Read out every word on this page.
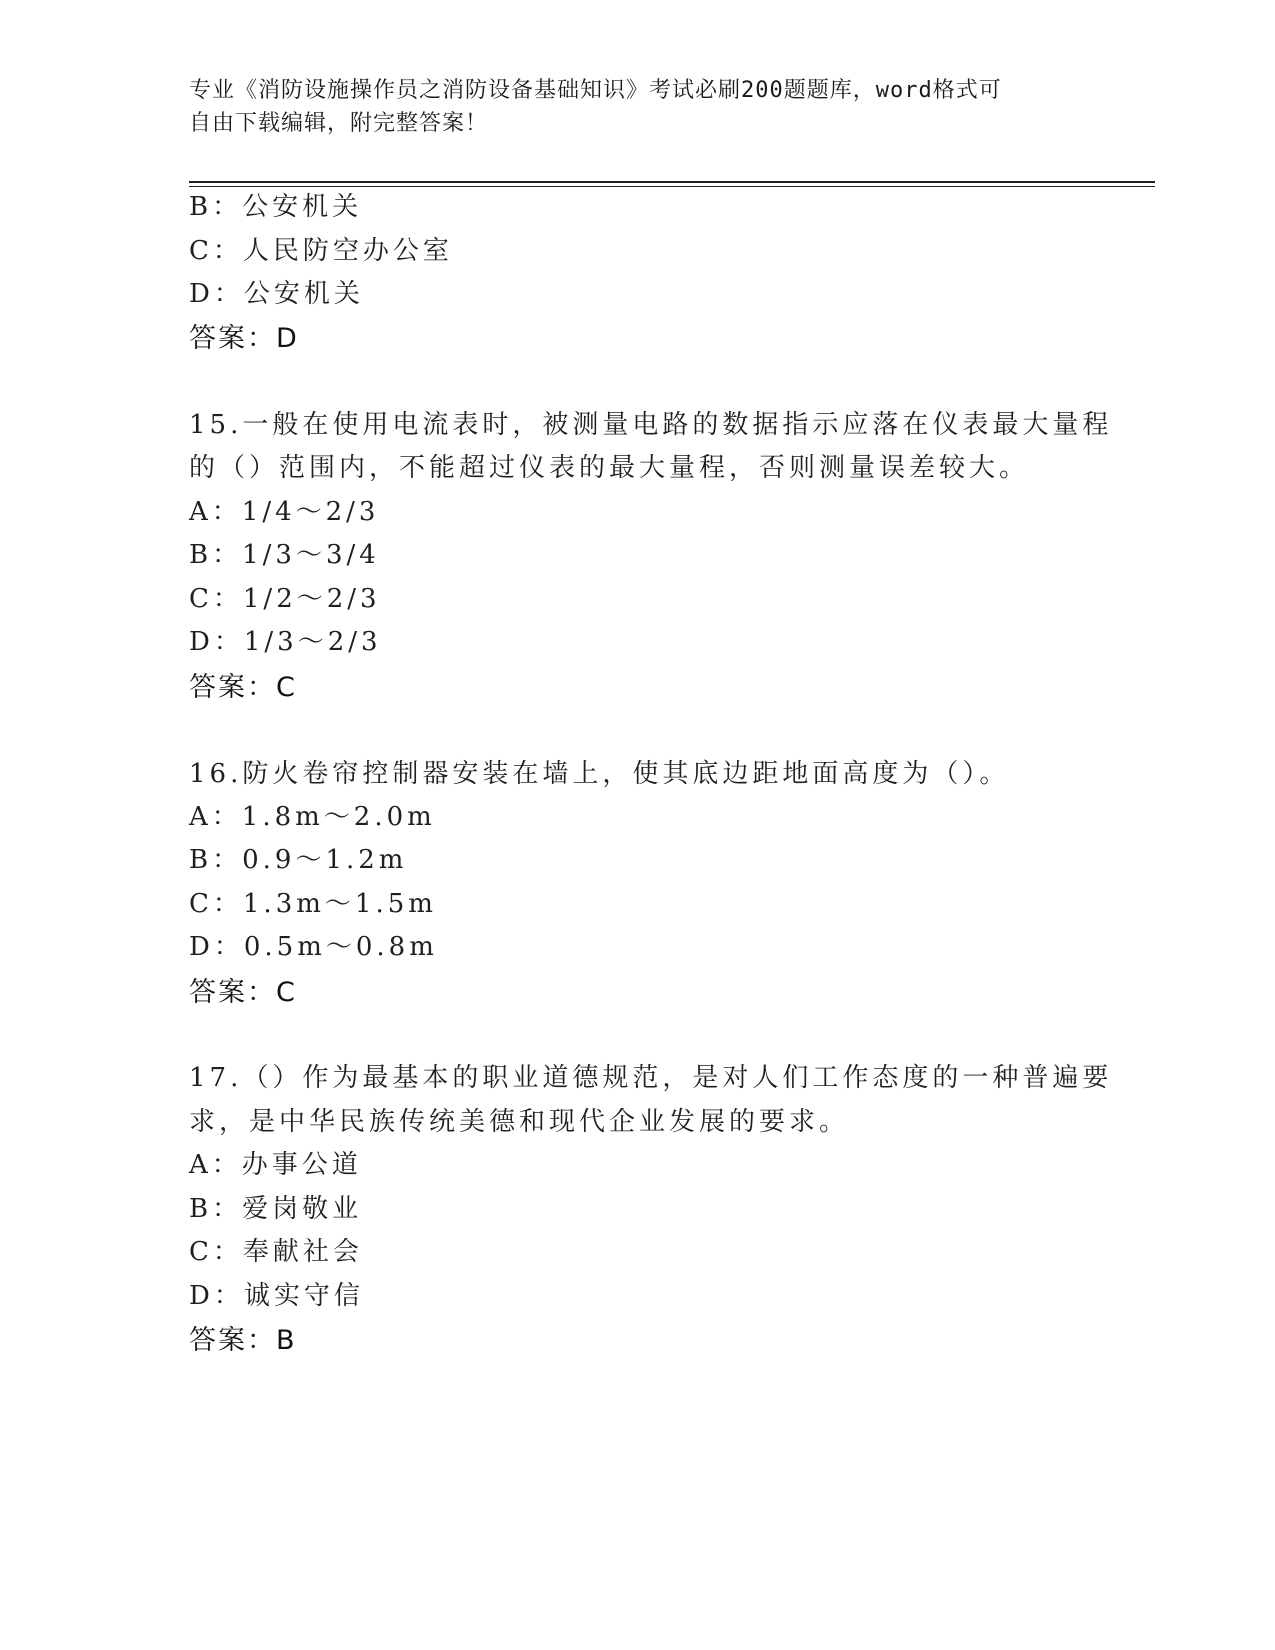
专业《消防设施操作员之消防设备基础知识》考试必刷200题题库，word格式可
自由下载编辑，附完整答案！
B：公安机关
C：人民防空办公室
D：公安机关
答案：D
15.一般在使用电流表时，被测量电路的数据指示应落在仪表最大量程
的（）范围内，不能超过仪表的最大量程，否则测量误差较大。
A：1/4～2/3
B：1/3～3/4
C：1/2～2/3
D：1/3～2/3
答案：C
16.防火卷帘控制器安装在墙上，使其底边距地面高度为（）。
A：1.8m～2.0m
B：0.9～1.2m
C：1.3m～1.5m
D：0.5m～0.8m
答案：C
17.（）作为最基本的职业道德规范，是对人们工作态度的一种普遍要
求，是中华民族传统美德和现代企业发展的要求。
A：办事公道
B：爱岗敬业
C：奉献社会
D：诚实守信
答案：B
